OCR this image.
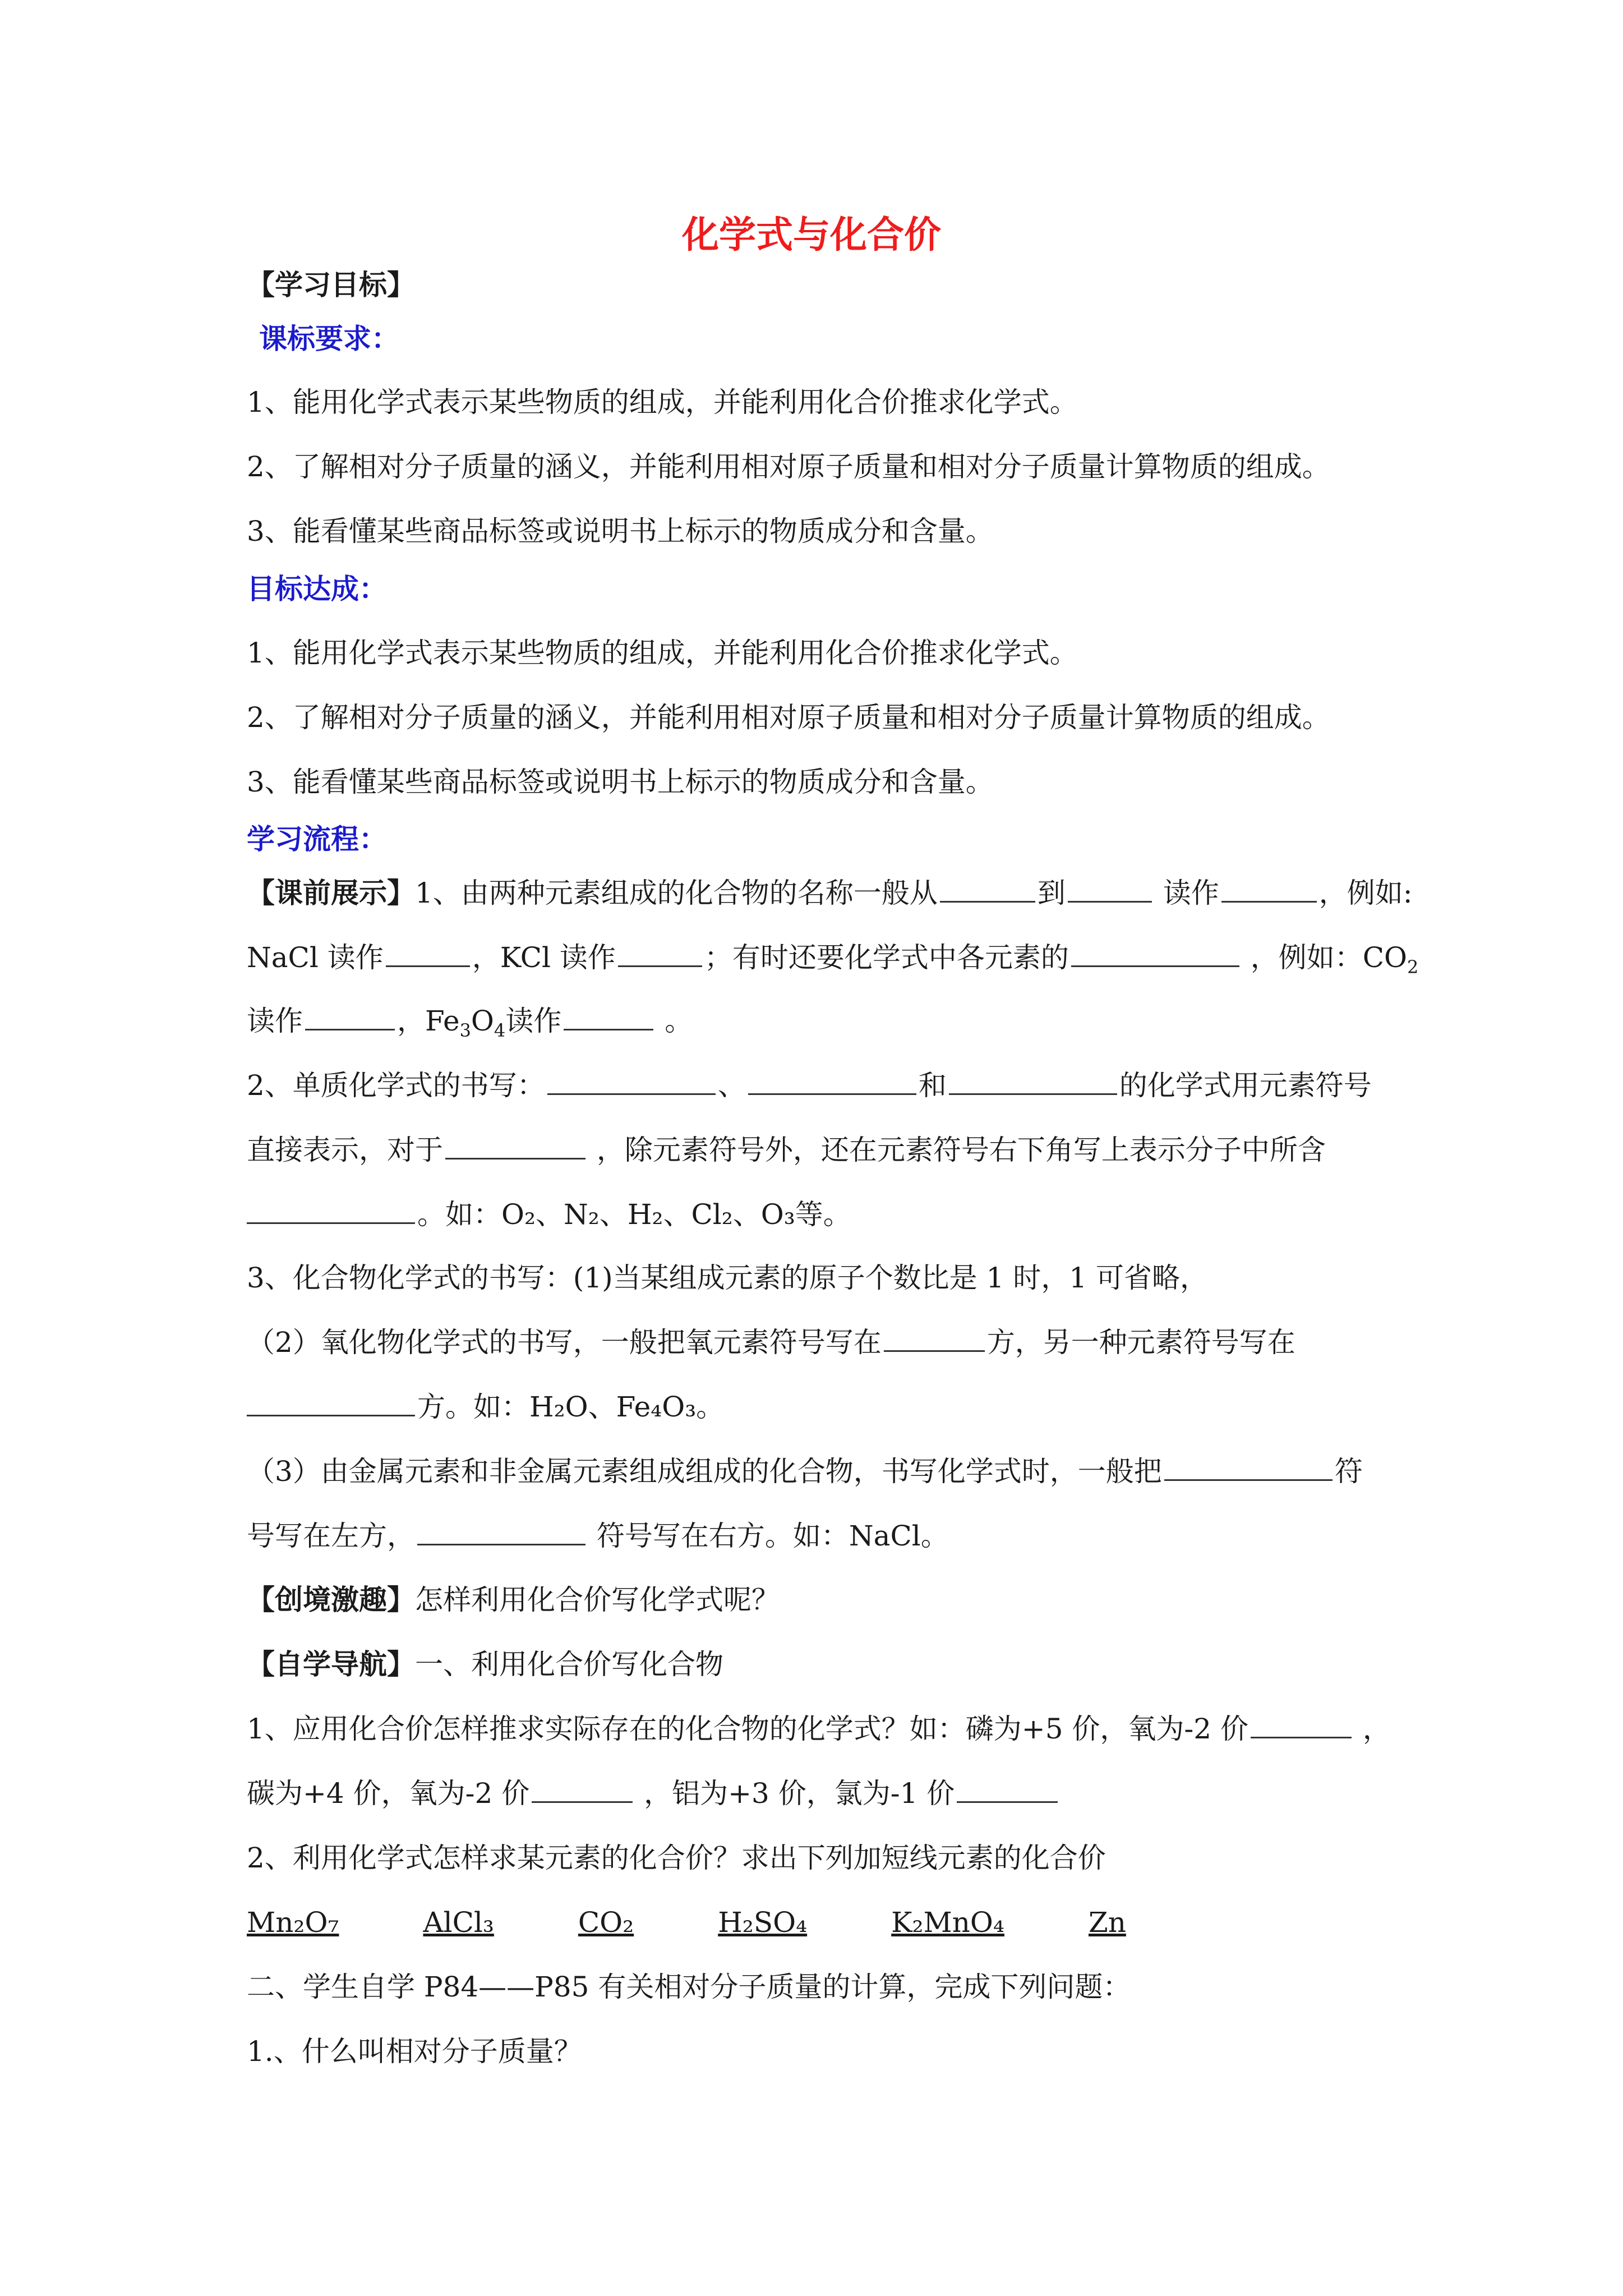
化学式与化合价
【学习目标】
课标要求：
1、能用化学式表示某些物质的组成，并能利用化合价推求化学式。
2、了解相对分子质量的涵义，并能利用相对原子质量和相对分子质量计算物质的组成。
3、能看懂某些商品标签或说明书上标示的物质成分和含量。
目标达成：
1、能用化学式表示某些物质的组成，并能利用化合价推求化学式。
2、了解相对分子质量的涵义，并能利用相对原子质量和相对分子质量计算物质的组成。
3、能看懂某些商品标签或说明书上标示的物质成分和含量。
学习流程：
【课前展示】1、由两种元素组成的化合物的名称一般从	到	读作	，例如:
NaCl 读作	，KCl 读作	；有时还要化学式中各元素的	，例如：$CO_2$
读作	，$Fe_3O_4$读作	。
2、单质化学式的书写：	、	和	的化学式用元素符号
直接表示，对于	，除元素符号外，还在元素符号右下角写上表示分子中所含
。如：O₂、N₂、H₂、Cl₂、O₃等。
3、化合物化学式的书写：(1)当某组成元素的原子个数比是 1 时，1 可省略，
（2）氧化物化学式的书写，一般把氧元素符号写在	方，另一种元素符号写在
方。如：H₂O、Fe₄O₃。
（3）由金属元素和非金属元素组成组成的化合物，书写化学式时，一般把	符
号写在左方，	符号写在右方。如：NaCl。
【创境激趣】怎样利用化合价写化学式呢？
【自学导航】一、利用化合价写化合物
1、应用化合价怎样推求实际存在的化合物的化学式？如：磷为+5 价，氧为-2 价	，
碳为+4 价，氧为-2 价	，铝为+3 价，氯为-1 价
2、利用化学式怎样求某元素的化合价？求出下列加短线元素的化合价
Mn₂O₇	AlCl₃	CO₂	H₂SO₄	K₂MnO₄	Zn
二、学生自学 P84——P85 有关相对分子质量的计算，完成下列问题：
1.、什么叫相对分子质量？
